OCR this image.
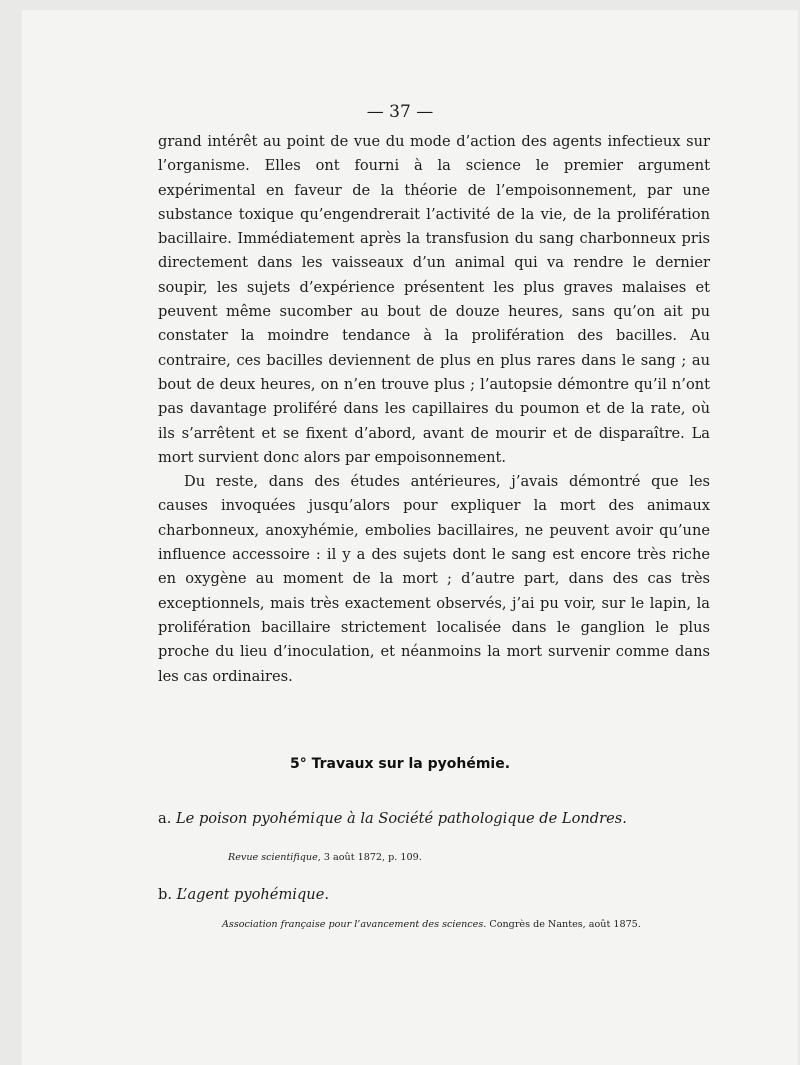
— 37 —

grand intérêt au point de vue du mode d’action des agents infectieux sur l’organisme. Elles ont fourni à la science le premier argument expérimental en faveur de la théorie de l’empoisonnement, par une substance toxique qu’engendrerait l’activité de la vie, de la prolifération bacillaire. Immédiatement après la transfusion du sang charbonneux pris directement dans les vaisseaux d’un animal qui va rendre le dernier soupir, les sujets d’expérience présentent les plus graves malaises et peuvent même sucomber au bout de douze heures, sans qu’on ait pu constater la moindre tendance à la prolifération des bacilles. Au contraire, ces bacilles deviennent de plus en plus rares dans le sang ; au bout de deux heures, on n’en trouve plus ; l’autopsie démontre qu’il n’ont pas davantage proliféré dans les capillaires du poumon et de la rate, où ils s’arrêtent et se fixent d’abord, avant de mourir et de disparaître. La mort survient donc alors par empoisonnement.

Du reste, dans des études antérieures, j’avais démontré que les causes invoquées jusqu’alors pour expliquer la mort des animaux charbonneux, anoxyhémie, embolies bacillaires, ne peuvent avoir qu’une influence accessoire : il y a des sujets dont le sang est encore très riche en oxygène au moment de la mort ; d’autre part, dans des cas très exceptionnels, mais très exactement observés, j’ai pu voir, sur le lapin, la prolifération bacillaire strictement localisée dans le ganglion le plus proche du lieu d’inoculation, et néanmoins la mort survenir comme dans les cas ordinaires.

5° Travaux sur la pyohémie.
a. Le poison pyohémique à la Société pathologique de Londres.
Revue scientifique, 3 août 1872, p. 109.
b. L’agent pyohémique.
Association française pour l’avancement des sciences. Congrès de Nantes, août 1875.
